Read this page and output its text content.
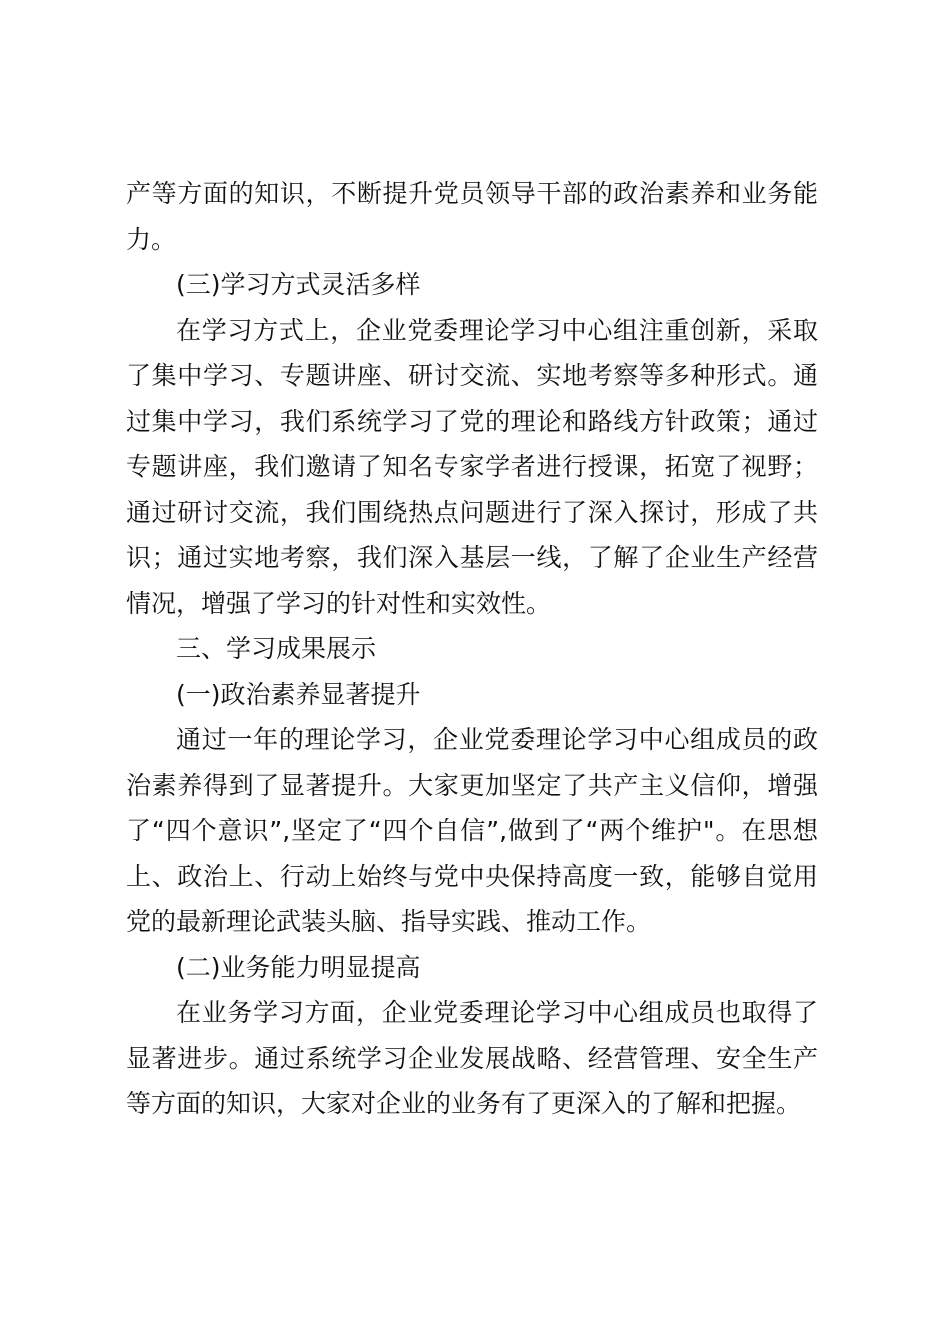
产等方面的知识，不断提升党员领导干部的政治素养和业务能力。

(三)学习方式灵活多样

在学习方式上，企业党委理论学习中心组注重创新，采取了集中学习、专题讲座、研讨交流、实地考察等多种形式。通过集中学习，我们系统学习了党的理论和路线方针政策；通过专题讲座，我们邀请了知名专家学者进行授课，拓宽了视野；通过研讨交流，我们围绕热点问题进行了深入探讨，形成了共识；通过实地考察，我们深入基层一线，了解了企业生产经营情况，增强了学习的针对性和实效性。

三、学习成果展示

(一)政治素养显著提升

通过一年的理论学习，企业党委理论学习中心组成员的政治素养得到了显著提升。大家更加坚定了共产主义信仰，增强了“四个意识”,坚定了“四个自信”,做到了“两个维护"。在思想上、政治上、行动上始终与党中央保持高度一致，能够自觉用党的最新理论武装头脑、指导实践、推动工作。

(二)业务能力明显提高

在业务学习方面，企业党委理论学习中心组成员也取得了显著进步。通过系统学习企业发展战略、经营管理、安全生产等方面的知识，大家对企业的业务有了更深入的了解和把握。
